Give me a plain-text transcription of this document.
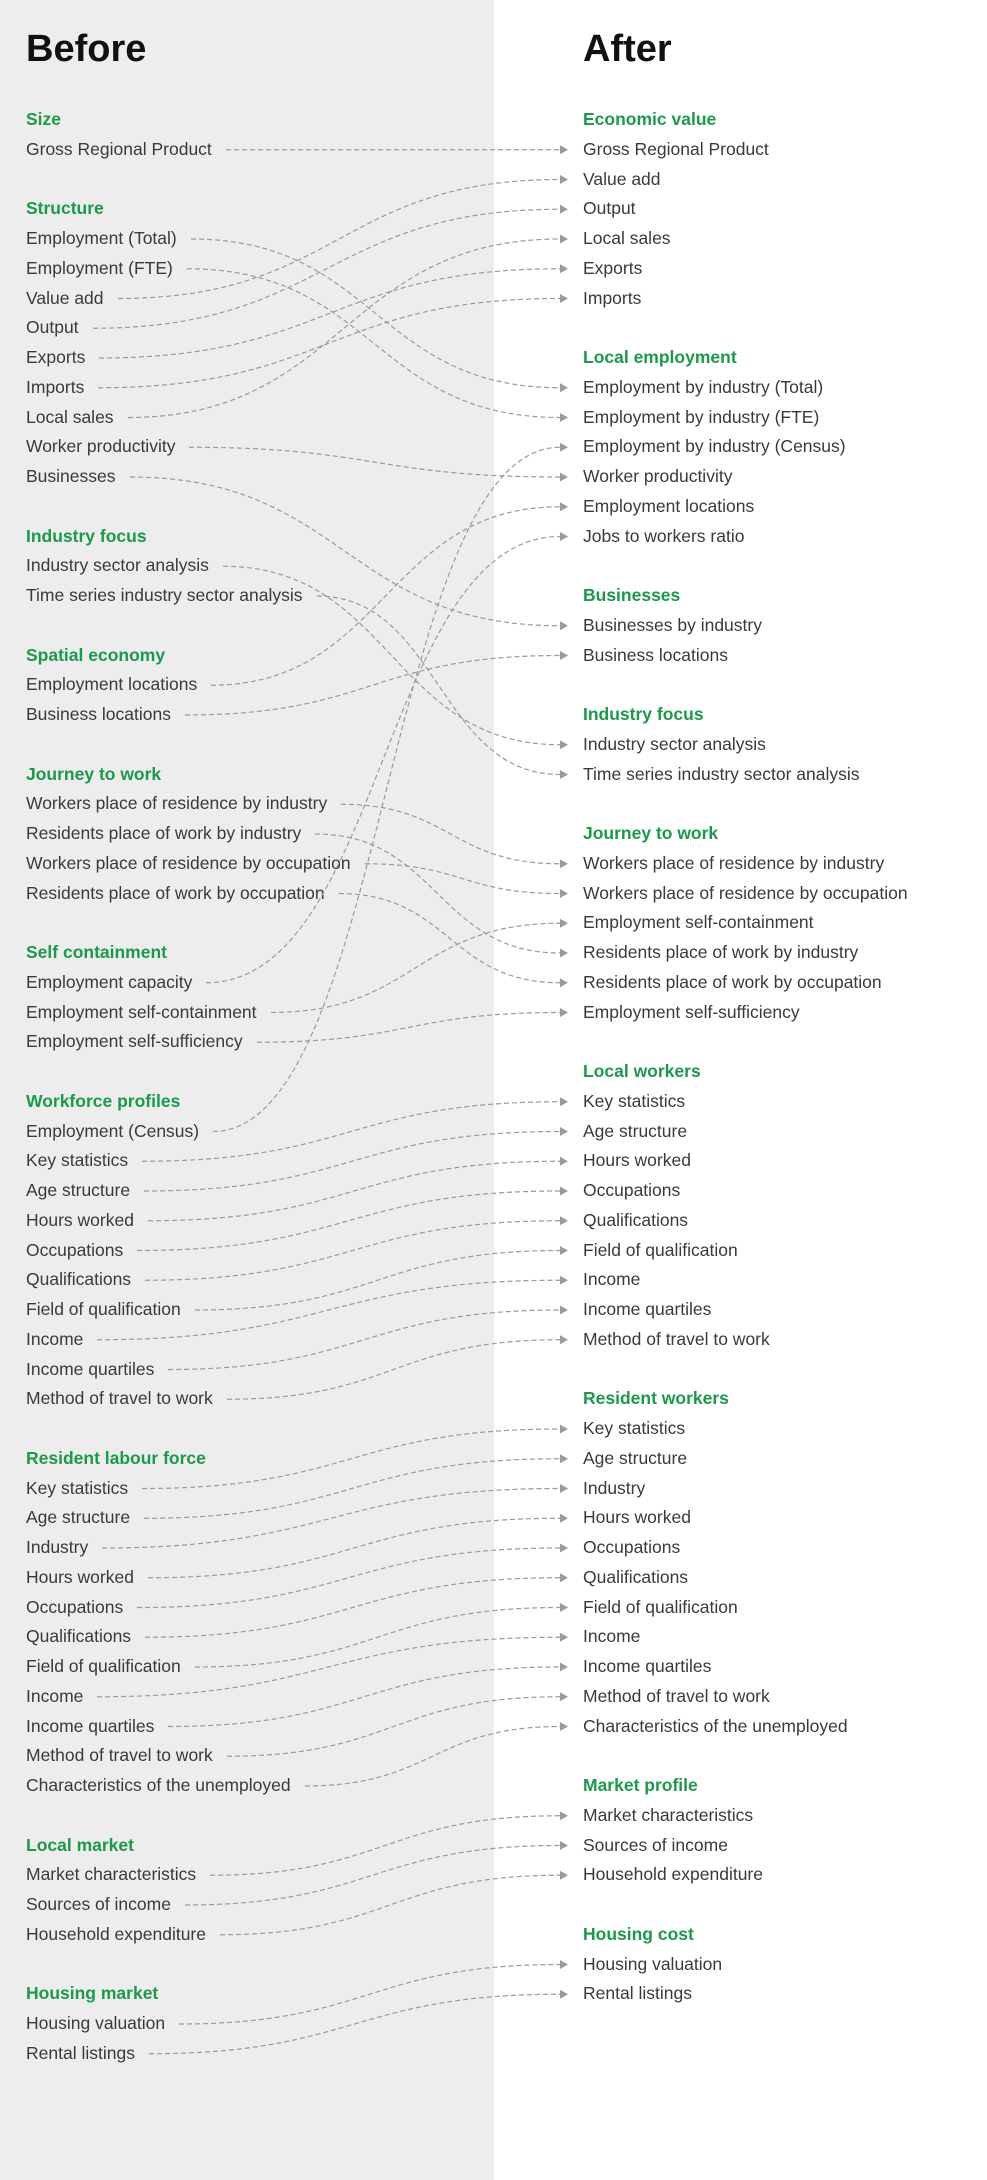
Before	After
Size
Gross Regional Product
Structure
Employment (Total)
Employment (FTE)
Value add
Output
Exports
Imports
Local sales
Worker productivity
Businesses
Industry focus
Industry sector analysis
Time series industry sector analysis
Spatial economy
Employment locations
Business locations
Journey to work
Workers place of residence by industry
Residents place of work by industry
Workers place of residence by occupation
Residents place of work by occupation
Self containment
Employment capacity
Employment self-containment
Employment self-sufficiency
Workforce profiles
Employment (Census)
Key statistics
Age structure
Hours worked
Occupations
Qualifications
Field of qualification
Income
Income quartiles
Method of travel to work
Resident labour force
Key statistics
Age structure
Industry
Hours worked
Occupations
Qualifications
Field of qualification
Income
Income quartiles
Method of travel to work
Characteristics of the unemployed
Local market
Market characteristics
Sources of income
Household expenditure
Housing market
Housing valuation
Rental listings
Economic value
Gross Regional Product
Value add
Output
Local sales
Exports
Imports
Local employment
Employment by industry (Total)
Employment by industry (FTE)
Employment by industry (Census)
Worker productivity
Employment locations
Jobs to workers ratio
Businesses
Businesses by industry
Business locations
Industry focus
Industry sector analysis
Time series industry sector analysis
Journey to work
Workers place of residence by industry
Workers place of residence by occupation
Employment self-containment
Residents place of work by industry
Residents place of work by occupation
Employment self-sufficiency
Local workers
Key statistics
Age structure
Hours worked
Occupations
Qualifications
Field of qualification
Income
Income quartiles
Method of travel to work
Resident workers
Key statistics
Age structure
Industry
Hours worked
Occupations
Qualifications
Field of qualification
Income
Income quartiles
Method of travel to work
Characteristics of the unemployed
Market profile
Market characteristics
Sources of income
Household expenditure
Housing cost
Housing valuation
Rental listings
